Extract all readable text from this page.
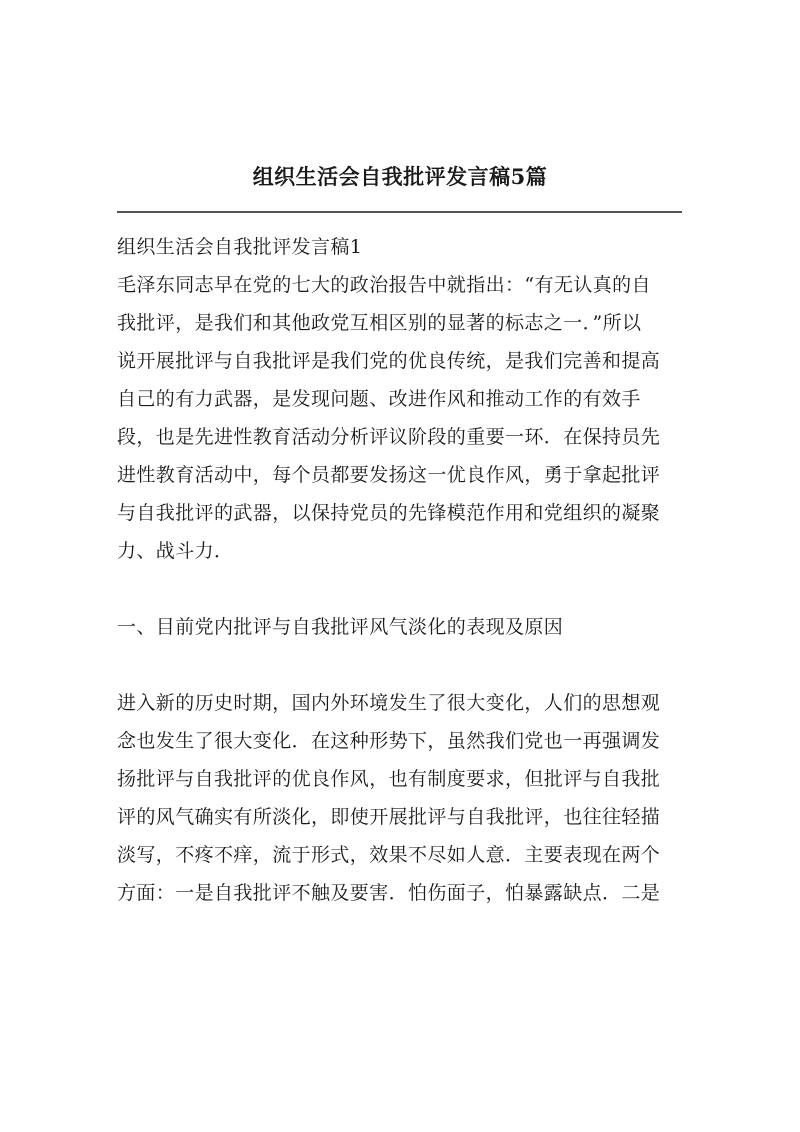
组织生活会自我批评发言稿5篇
组织生活会自我批评发言稿1
毛泽东同志早在党的七大的政治报告中就指出：“有无认真的自
我批评，是我们和其他政党互相区别的显著的标志之一．”所以
说开展批评与自我批评是我们党的优良传统，是我们完善和提高
自己的有力武器，是发现问题、改进作风和推动工作的有效手
段，也是先进性教育活动分析评议阶段的重要一环．在保持员先
进性教育活动中，每个员都要发扬这一优良作风，勇于拿起批评
与自我批评的武器，以保持党员的先锋模范作用和党组织的凝聚
力、战斗力．
一、目前党内批评与自我批评风气淡化的表现及原因
进入新的历史时期，国内外环境发生了很大变化，人们的思想观
念也发生了很大变化．在这种形势下，虽然我们党也一再强调发
扬批评与自我批评的优良作风，也有制度要求，但批评与自我批
评的风气确实有所淡化，即使开展批评与自我批评，也往往轻描
淡写，不疼不痒，流于形式，效果不尽如人意．主要表现在两个
方面：一是自我批评不触及要害．怕伤面子，怕暴露缺点．二是
